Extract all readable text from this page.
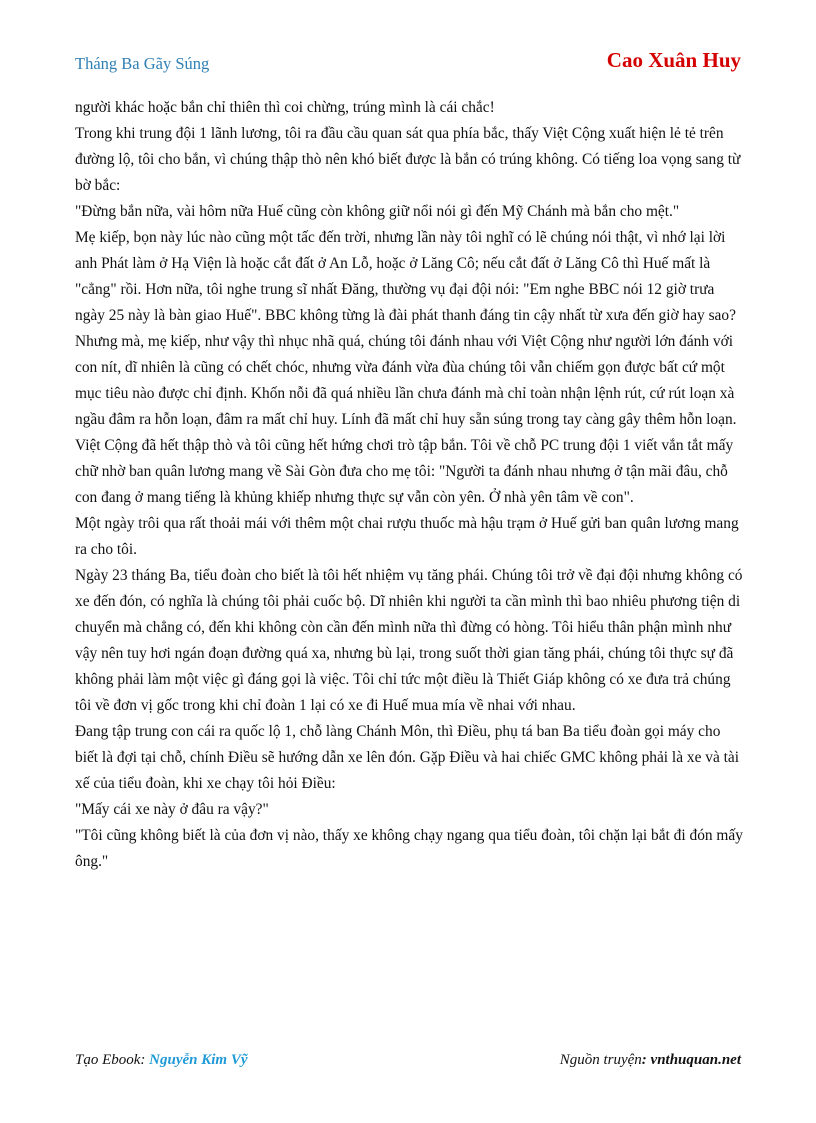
Tháng Ba Gãy Súng	Cao Xuân Huy

người khác hoặc bắn chỉ thiên thì coi chừng, trúng mình là cái chắc!

Trong khi trung đội 1 lãnh lương, tôi ra đầu cầu quan sát qua phía bắc, thấy Việt Cộng xuất hiện lẻ tẻ trên đường lộ, tôi cho bắn, vì chúng thập thò nên khó biết được là bắn có trúng không. Có tiếng loa vọng sang từ bờ bắc:

"Đừng bắn nữa, vài hôm nữa Huế cũng còn không giữ nổi nói gì đến Mỹ Chánh mà bắn cho mệt."

Mẹ kiếp, bọn này lúc nào cũng một tấc đến trời, nhưng lần này tôi nghĩ có lẽ chúng nói thật, vì nhớ lại lời anh Phát làm ở Hạ Viện là hoặc cắt đất ở An Lỗ, hoặc ở Lăng Cô; nếu cắt đất ở Lăng Cô thì Huế mất là "cẳng" rồi. Hơn nữa, tôi nghe trung sĩ nhất Đăng, thường vụ đại đội nói: "Em nghe BBC nói 12 giờ trưa ngày 25 này là bàn giao Huế". BBC không từng là đài phát thanh đáng tin cậy nhất từ xưa đến giờ hay sao?

Nhưng mà, mẹ kiếp, như vậy thì nhục nhã quá, chúng tôi đánh nhau với Việt Cộng như người lớn đánh với con nít, dĩ nhiên là cũng có chết chóc, nhưng vừa đánh vừa đùa chúng tôi vẫn chiếm gọn được bất cứ một mục tiêu nào được chỉ định. Khốn nỗi đã quá nhiều lần chưa đánh mà chỉ toàn nhận lệnh rút, cứ rút loạn xà ngầu đâm ra hỗn loạn, đâm ra mất chỉ huy. Lính đã mất chỉ huy sẵn súng trong tay càng gây thêm hỗn loạn.

Việt Cộng đã hết thập thò và tôi cũng hết hứng chơi trò tập bắn. Tôi về chỗ PC trung đội 1 viết vắn tắt mấy chữ nhờ ban quân lương mang về Sài Gòn đưa cho mẹ tôi: "Người ta đánh nhau nhưng ở tận mãi đâu, chỗ con đang ở mang tiếng là khủng khiếp nhưng thực sự vẫn còn yên. Ở nhà yên tâm về con".

Một ngày trôi qua rất thoải mái với thêm một chai rượu thuốc mà hậu trạm ở Huế gửi ban quân lương mang ra cho tôi.

Ngày 23 tháng Ba, tiểu đoàn cho biết là tôi hết nhiệm vụ tăng phái. Chúng tôi trở về đại đội nhưng không có xe đến đón, có nghĩa là chúng tôi phải cuốc bộ. Dĩ nhiên khi người ta cần mình thì bao nhiêu phương tiện di chuyển mà chẳng có, đến khi không còn cần đến mình nữa thì đừng có hòng. Tôi hiểu thân phận mình như vậy nên tuy hơi ngán đoạn đường quá xa, nhưng bù lại, trong suốt thời gian tăng phái, chúng tôi thực sự đã không phải làm một việc gì đáng gọi là việc. Tôi chỉ tức một điều là Thiết Giáp không có xe đưa trả chúng tôi về đơn vị gốc trong khi chỉ đoàn 1 lại có xe đi Huế mua mía về nhai với nhau.

Đang tập trung con cái ra quốc lộ 1, chỗ làng Chánh Môn, thì Điều, phụ tá ban Ba tiểu đoàn gọi máy cho biết là đợi tại chỗ, chính Điều sẽ hướng dẫn xe lên đón. Gặp Điều và hai chiếc GMC không phải là xe và tài xế của tiểu đoàn, khi xe chạy tôi hỏi Điều:

"Mấy cái xe này ở đâu ra vậy?"

"Tôi cũng không biết là của đơn vị nào, thấy xe không chạy ngang qua tiểu đoàn, tôi chặn lại bắt đi đón mấy ông."

Tạo Ebook: Nguyễn Kim Vỹ	Nguồn truyện: vnthuquan.net
